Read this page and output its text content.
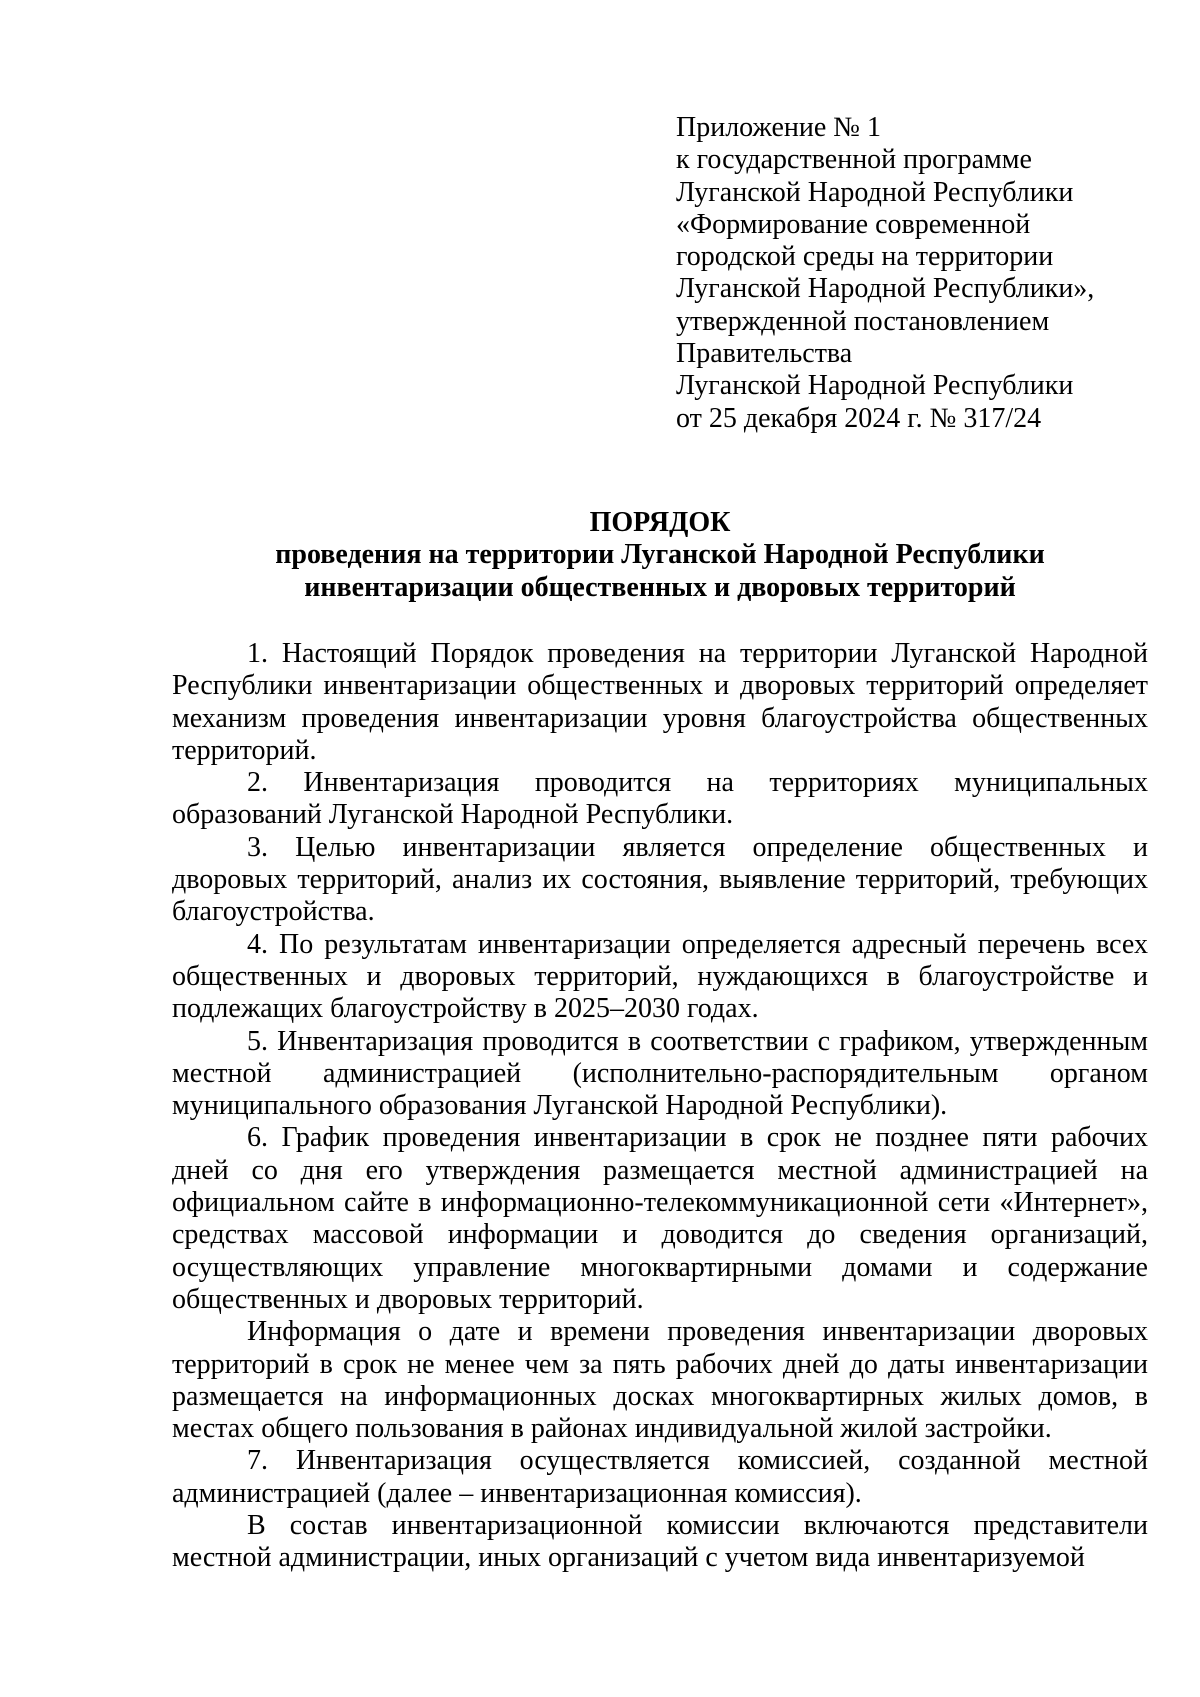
Приложение № 1
к государственной программе
Луганской Народной Республики
«Формирование современной
городской среды на территории
Луганской Народной Республики»,
утвержденной постановлением
Правительства
Луганской Народной Республики
от 25 декабря 2024 г. № 317/24
ПОРЯДОК
проведения на территории Луганской Народной Республики
инвентаризации общественных и дворовых территорий

1. Настоящий Порядок проведения на территории Луганской Народной Республики инвентаризации общественных и дворовых территорий определяет механизм проведения инвентаризации уровня благоустройства общественных территорий.

2. Инвентаризация проводится на территориях муниципальных образований Луганской Народной Республики.

3. Целью инвентаризации является определение общественных и дворовых территорий, анализ их состояния, выявление территорий, требующих благоустройства.

4. По результатам инвентаризации определяется адресный перечень всех общественных и дворовых территорий, нуждающихся в благоустройстве и подлежащих благоустройству в 2025–2030 годах.

5. Инвентаризация проводится в соответствии с графиком, утвержденным местной администрацией (исполнительно-распорядительным органом муниципального образования Луганской Народной Республики).

6. График проведения инвентаризации в срок не позднее пяти рабочих дней со дня его утверждения размещается местной администрацией на официальном сайте в информационно-телекоммуникационной сети «Интернет», средствах массовой информации и доводится до сведения организаций, осуществляющих управление многоквартирными домами и содержание общественных и дворовых территорий.

Информация о дате и времени проведения инвентаризации дворовых территорий в срок не менее чем за пять рабочих дней до даты инвентаризации размещается на информационных досках многоквартирных жилых домов, в местах общего пользования в районах индивидуальной жилой застройки.

7. Инвентаризация осуществляется комиссией, созданной местной администрацией (далее – инвентаризационная комиссия).

В состав инвентаризационной комиссии включаются представители местной администрации, иных организаций с учетом вида инвентаризуемой
